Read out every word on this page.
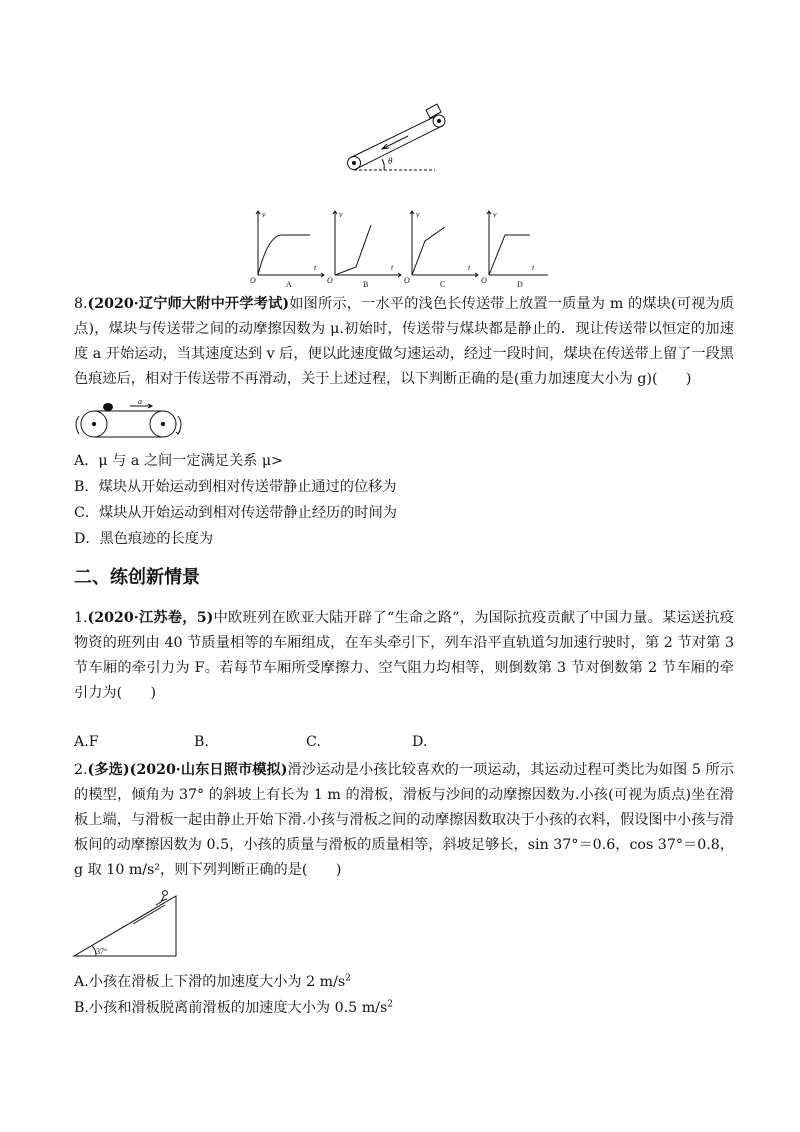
θ
v
t
O
v
t
O
v
t
O
v
t
O
A	B	C	D
8.(2020·辽宁师大附中开学考试)如图所示，一水平的浅色长传送带上放置一质量为 m 的煤块(可视为质点)，煤块与传送带之间的动摩擦因数为 μ.初始时，传送带与煤块都是静止的．现让传送带以恒定的加速度 a 开始运动，当其速度达到 v 后，便以此速度做匀速运动，经过一段时间，煤块在传送带上留了一段黑色痕迹后，相对于传送带不再滑动，关于上述过程，以下判断正确的是(重力加速度大小为 g)(　　)
a
A．μ 与 a 之间一定满足关系 μ>
B．煤块从开始运动到相对传送带静止通过的位移为
C．煤块从开始运动到相对传送带静止经历的时间为
D．黑色痕迹的长度为
二、练创新情景
1.(2020·江苏卷，5)中欧班列在欧亚大陆开辟了“生命之路”，为国际抗疫贡献了中国力量。某运送抗疫物资的班列由 40 节质量相等的车厢组成，在车头牵引下，列车沿平直轨道匀加速行驶时，第 2 节对第 3 节车厢的牵引力为 F。若每节车厢所受摩擦力、空气阻力均相等，则倒数第 3 节对倒数第 2 节车厢的牵引力为(　　)
A.F	B.	C.	D.
2.(多选)(2020·山东日照市模拟)滑沙运动是小孩比较喜欢的一项运动，其运动过程可类比为如图 5 所示的模型，倾角为 37° 的斜坡上有长为 1 m 的滑板，滑板与沙间的动摩擦因数为.小孩(可视为质点)坐在滑板上端，与滑板一起由静止开始下滑.小孩与滑板之间的动摩擦因数取决于小孩的衣料，假设图中小孩与滑板间的动摩擦因数为 0.5，小孩的质量与滑板的质量相等，斜坡足够长，sin 37°＝0.6，cos 37°＝0.8，g 取 10 m/s²，则下列判断正确的是(　　)
37°
A.小孩在滑板上下滑的加速度大小为 2 $m/s^2$
B.小孩和滑板脱离前滑板的加速度大小为 0.5 $m/s^2$
